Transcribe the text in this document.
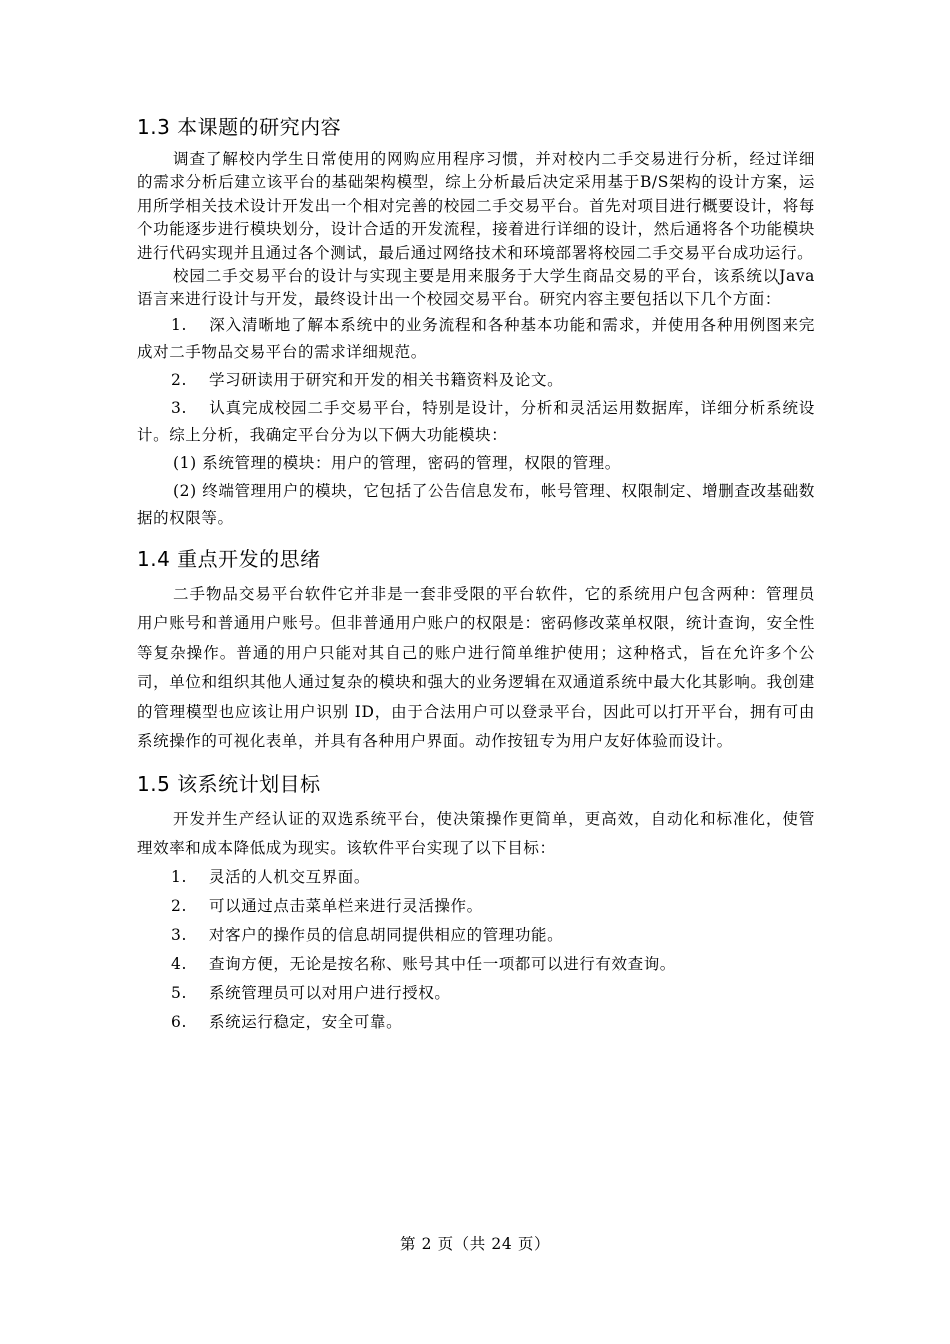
1.3 本课题的研究内容

调查了解校内学生日常使用的网购应用程序习惯，并对校内二手交易进行分析，经过详细的需求分析后建立该平台的基础架构模型，综上分析最后决定采用基于B/S架构的设计方案，运用所学相关技术设计开发出一个相对完善的校园二手交易平台。首先对项目进行概要设计，将每个功能逐步进行模块划分，设计合适的开发流程，接着进行详细的设计，然后通将各个功能模块进行代码实现并且通过各个测试，最后通过网络技术和环境部署将校园二手交易平台成功运行。

校园二手交易平台的设计与实现主要是用来服务于大学生商品交易的平台，该系统以Java语言来进行设计与开发，最终设计出一个校园交易平台。研究内容主要包括以下几个方面：

1. 深入清晰地了解本系统中的业务流程和各种基本功能和需求，并使用各种用例图来完成对二手物品交易平台的需求详细规范。
2. 学习研读用于研究和开发的相关书籍资料及论文。
3. 认真完成校园二手交易平台，特别是设计，分析和灵活运用数据库，详细分析系统设计。综上分析，我确定平台分为以下俩大功能模块：
(1) 系统管理的模块：用户的管理，密码的管理，权限的管理。
(2) 终端管理用户的模块，它包括了公告信息发布，帐号管理、权限制定、增删查改基础数据的权限等。
1.4 重点开发的思绪

二手物品交易平台软件它并非是一套非受限的平台软件，它的系统用户包含两种：管理员用户账号和普通用户账号。但非普通用户账户的权限是：密码修改菜单权限，统计查询，安全性等复杂操作。普通的用户只能对其自己的账户进行简单维护使用；这种格式，旨在允许多个公司，单位和组织其他人通过复杂的模块和强大的业务逻辑在双通道系统中最大化其影响。我创建的管理模型也应该让用户识别 ID，由于合法用户可以登录平台，因此可以打开平台，拥有可由系统操作的可视化表单，并具有各种用户界面。动作按钮专为用户友好体验而设计。

1.5 该系统计划目标

开发并生产经认证的双选系统平台，使决策操作更简单，更高效，自动化和标准化，使管理效率和成本降低成为现实。该软件平台实现了以下目标：

1. 灵活的人机交互界面。
2. 可以通过点击菜单栏来进行灵活操作。
3. 对客户的操作员的信息胡同提供相应的管理功能。
4. 查询方便，无论是按名称、账号其中任一项都可以进行有效查询。
5. 系统管理员可以对用户进行授权。
6. 系统运行稳定，安全可靠。
第 2 页（共 24 页）
